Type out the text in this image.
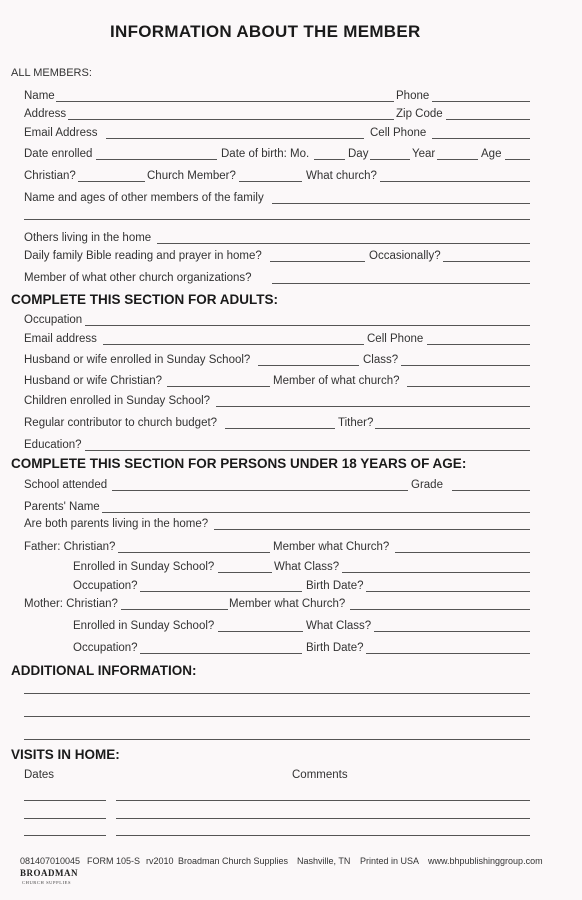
INFORMATION ABOUT THE MEMBER
ALL MEMBERS:
Name	Phone
Address	Zip Code
Email Address	Cell Phone
Date enrolled	Date of birth: Mo.	Day	Year	Age
Christian?	Church Member?	What church?
Name and ages of other members of the family
Others living in the home
Daily family Bible reading and prayer in home?	Occasionally?
Member of what other church organizations?
COMPLETE THIS SECTION FOR ADULTS:
Occupation
Email address	Cell Phone
Husband or wife enrolled in Sunday School?	Class?
Husband or wife Christian?	Member of what church?
Children enrolled in Sunday School?
Regular contributor to church budget?	Tither?
Education?
COMPLETE THIS SECTION FOR PERSONS UNDER 18 YEARS OF AGE:
School attended	Grade
Parents' Name
Are both parents living in the home?
Father: Christian?	Member what Church?
Enrolled in Sunday School?	What Class?
Occupation?	Birth Date?
Mother: Christian?	Member what Church?
Enrolled in Sunday School?	What Class?
Occupation?	Birth Date?
ADDITIONAL INFORMATION:
VISITS IN HOME:
Dates	Comments
081407010045 FORM 105-S rv2010 Broadman Church Supplies Nashville, TN Printed in USA www.bhpublishinggroup.com
BROADMAN
CHURCH SUPPLIES
